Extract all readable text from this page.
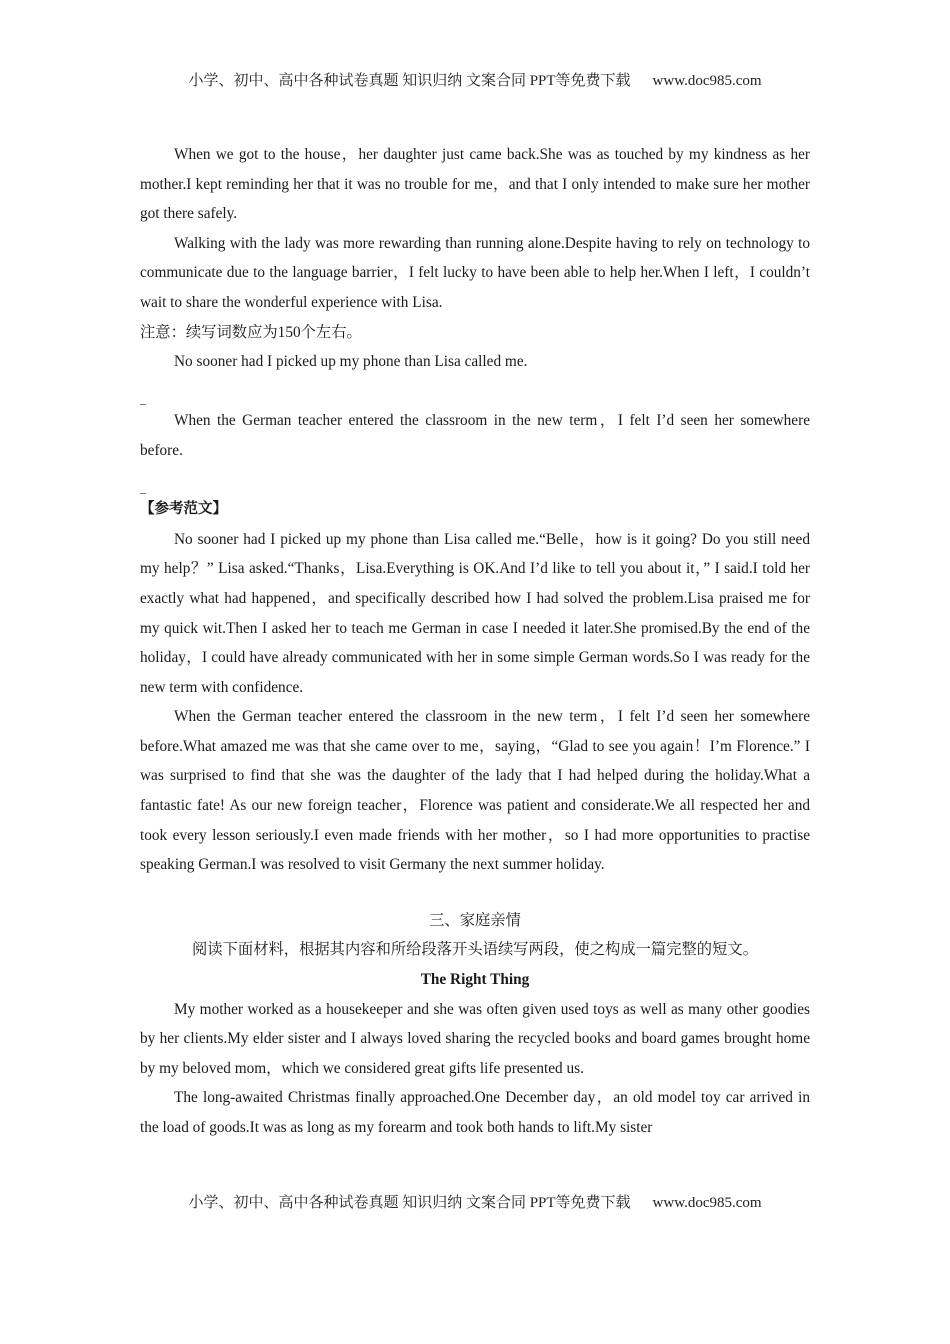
小学、初中、高中各种试卷真题 知识归纳 文案合同 PPT等免费下载 www.doc985.com

When we got to the house，her daughter just came back.She was as touched by my kindness as her mother.I kept reminding her that it was no trouble for me，and that I only intended to make sure her mother got there safely.

Walking with the lady was more rewarding than running alone.Despite having to rely on technology to communicate due to the language barrier，I felt lucky to have been able to help her.When I left，I couldn’t wait to share the wonderful experience with Lisa.

注意：续写词数应为150个左右。

No sooner had I picked up my phone than Lisa called me.

_

When the German teacher entered the classroom in the new term，I felt I’d seen her somewhere before.

_

【参考范文】

No sooner had I picked up my phone than Lisa called me.“Belle，how is it going? Do you still need my help？” Lisa asked.“Thanks，Lisa.Everything is OK.And I’d like to tell you about it，” I said.I told her exactly what had happened，and specifically described how I had solved the problem.Lisa praised me for my quick wit.Then I asked her to teach me German in case I needed it later.She promised.By the end of the holiday，I could have already communicated with her in some simple German words.So I was ready for the new term with confidence.

When the German teacher entered the classroom in the new term，I felt I’d seen her somewhere before.What amazed me was that she came over to me，saying，“Glad to see you again！I’m Florence.” I was surprised to find that she was the daughter of the lady that I had helped during the holiday.What a fantastic fate! As our new foreign teacher，Florence was patient and considerate.We all respected her and took every lesson seriously.I even made friends with her mother，so I had more opportunities to practise speaking German.I was resolved to visit Germany the next summer holiday.

三、家庭亲情

阅读下面材料，根据其内容和所给段落开头语续写两段，使之构成一篇完整的短文。

The Right Thing

My mother worked as a housekeeper and she was often given used toys as well as many other goodies by her clients.My elder sister and I always loved sharing the recycled books and board games brought home by my beloved mom，which we considered great gifts life presented us.

The long-awaited Christmas finally approached.One December day，an old model toy car arrived in the load of goods.It was as long as my forearm and took both hands to lift.My sister

小学、初中、高中各种试卷真题 知识归纳 文案合同 PPT等免费下载 www.doc985.com
